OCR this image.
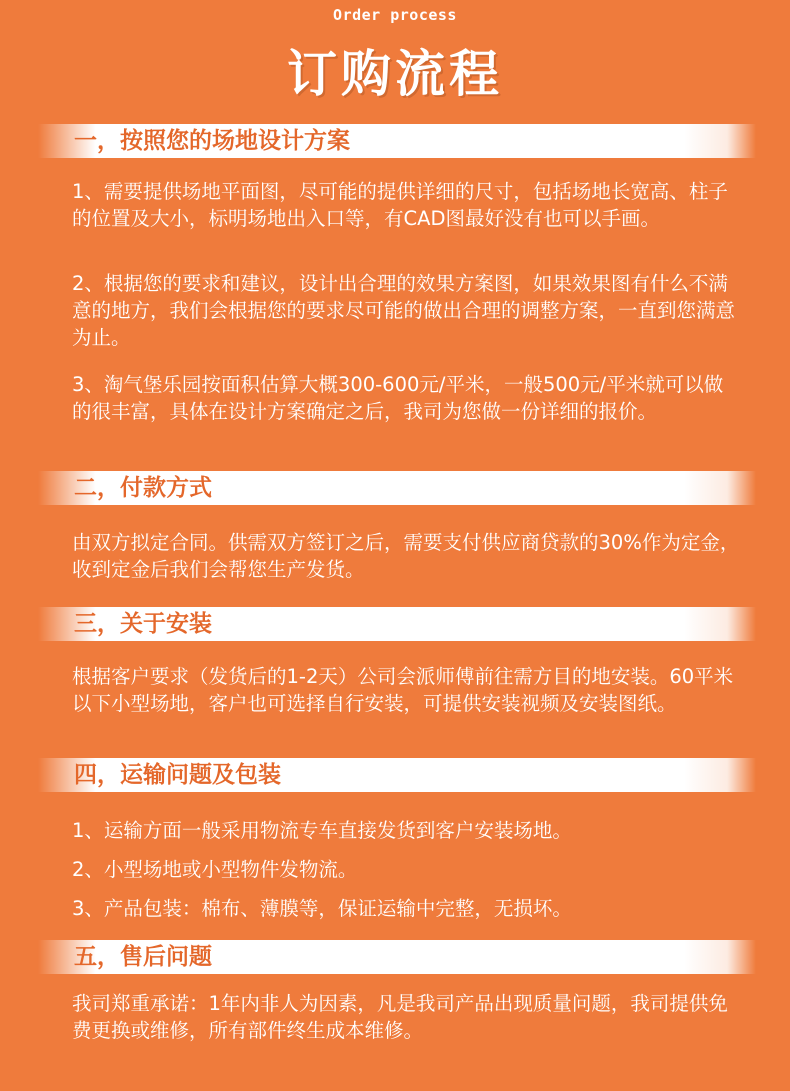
Order process
订购流程
一，按照您的场地设计方案
1、需要提供场地平面图，尽可能的提供详细的尺寸，包括场地长宽高、柱子的位置及大小，标明场地出入口等，有CAD图最好没有也可以手画。
2、根据您的要求和建议，设计出合理的效果方案图，如果效果图有什么不满意的地方，我们会根据您的要求尽可能的做出合理的调整方案，一直到您满意为止。
3、淘气堡乐园按面积估算大概300-600元/平米，一般500元/平米就可以做的很丰富，具体在设计方案确定之后，我司为您做一份详细的报价。
二，付款方式
由双方拟定合同。供需双方签订之后，需要支付供应商贷款的30%作为定金，收到定金后我们会帮您生产发货。
三，关于安装
根据客户要求（发货后的1-2天）公司会派师傅前往需方目的地安装。60平米以下小型场地，客户也可选择自行安装，可提供安装视频及安装图纸。
四，运输问题及包装
1、运输方面一般采用物流专车直接发货到客户安装场地。
2、小型场地或小型物件发物流。
3、产品包装：棉布、薄膜等，保证运输中完整，无损坏。
五，售后问题
我司郑重承诺：1年内非人为因素，凡是我司产品出现质量问题，我司提供免费更换或维修，所有部件终生成本维修。
